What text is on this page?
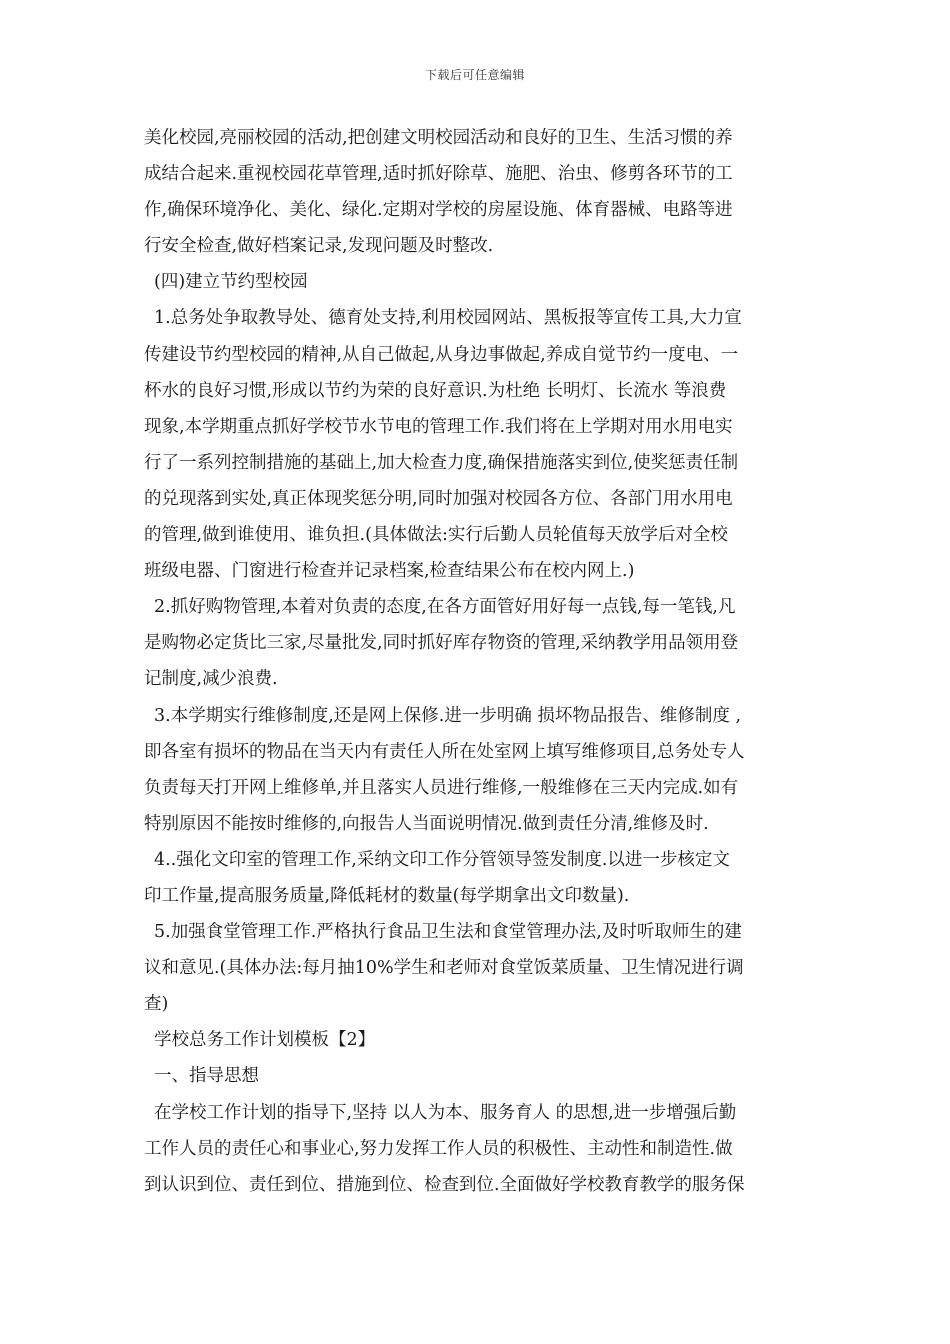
下载后可任意编辑
美化校园,亮丽校园的活动,把创建文明校园活动和良好的卫生、生活习惯的养
成结合起来.重视校园花草管理,适时抓好除草、施肥、治虫、修剪各环节的工
作,确保环境净化、美化、绿化.定期对学校的房屋设施、体育器械、电路等进
行安全检查,做好档案记录,发现问题及时整改.
(四)建立节约型校园
1.总务处争取教导处、德育处支持,利用校园网站、黑板报等宣传工具,大力宣
传建设节约型校园的精神,从自己做起,从身边事做起,养成自觉节约一度电、一
杯水的良好习惯,形成以节约为荣的良好意识.为杜绝 长明灯、长流水 等浪费
现象,本学期重点抓好学校节水节电的管理工作.我们将在上学期对用水用电实
行了一系列控制措施的基础上,加大检查力度,确保措施落实到位,使奖惩责任制
的兑现落到实处,真正体现奖惩分明,同时加强对校园各方位、各部门用水用电
的管理,做到谁使用、谁负担.(具体做法:实行后勤人员轮值每天放学后对全校
班级电器、门窗进行检查并记录档案,检查结果公布在校内网上.)
2.抓好购物管理,本着对负责的态度,在各方面管好用好每一点钱,每一笔钱,凡
是购物必定货比三家,尽量批发,同时抓好库存物资的管理,采纳教学用品领用登
记制度,减少浪费.
3.本学期实行维修制度,还是网上保修.进一步明确 损坏物品报告、维修制度 ,
即各室有损坏的物品在当天内有责任人所在处室网上填写维修项目,总务处专人
负责每天打开网上维修单,并且落实人员进行维修,一般维修在三天内完成.如有
特别原因不能按时维修的,向报告人当面说明情况.做到责任分清,维修及时.
4..强化文印室的管理工作,采纳文印工作分管领导签发制度.以进一步核定文
印工作量,提高服务质量,降低耗材的数量(每学期拿出文印数量).
5.加强食堂管理工作.严格执行食品卫生法和食堂管理办法,及时听取师生的建
议和意见.(具体办法:每月抽10%学生和老师对食堂饭菜质量、卫生情况进行调
查)
学校总务工作计划模板【2】
一、指导思想
在学校工作计划的指导下,坚持 以人为本、服务育人 的思想,进一步增强后勤
工作人员的责任心和事业心,努力发挥工作人员的积极性、主动性和制造性.做
到认识到位、责任到位、措施到位、检查到位.全面做好学校教育教学的服务保
